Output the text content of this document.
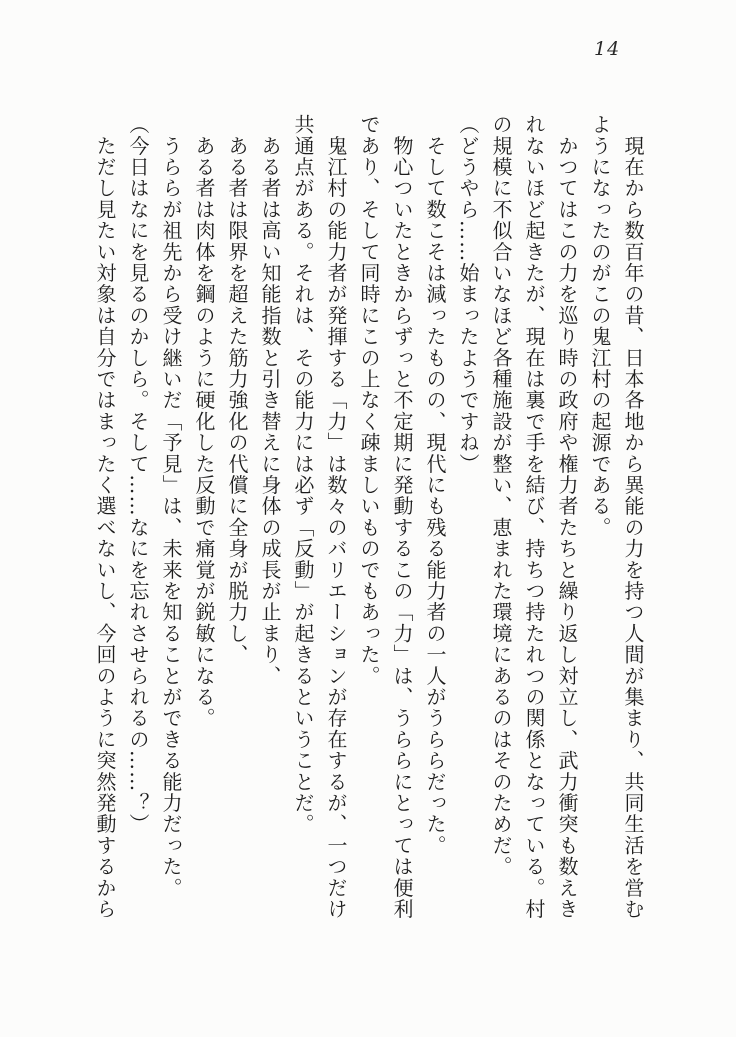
14

　現在から数百年の昔、日本各地から異能の力を持つ人間が集まり、共同生活を営む

ようになったのがこの鬼江村の起源である。

　かつてはこの力を巡り時の政府や権力者たちと繰り返し対立し、武力衝突も数えき

れないほど起きたが、現在は裏で手を結び、持ちつ持たれつの関係となっている。村

の規模に不似合いなほど各種施設が整い、恵まれた環境にあるのはそのためだ。

（どうやら……始まったようですね）

　そして数こそは減ったものの、現代にも残る能力者の一人がうららだった。

　物心ついたときからずっと不定期に発動するこの「力」は、うららにとっては便利

であり、そして同時にこの上なく疎ましいものでもあった。

　鬼江村の能力者が発揮する「力」は数々のバリエーションが存在するが、一つだけ

共通点がある。それは、その能力には必ず「反動」が起きるということだ。

　ある者は高い知能指数と引き替えに身体の成長が止まり、

　ある者は限界を超えた筋力強化の代償に全身が脱力し、

　ある者は肉体を鋼のように硬化した反動で痛覚が鋭敏になる。

　うららが祖先から受け継いだ「予見」は、未来を知ることができる能力だった。

（今日はなにを見るのかしら。そして……なにを忘れさせられるの……？）

　ただし見たい対象は自分ではまったく選べないし、今回のように突然発動するから
